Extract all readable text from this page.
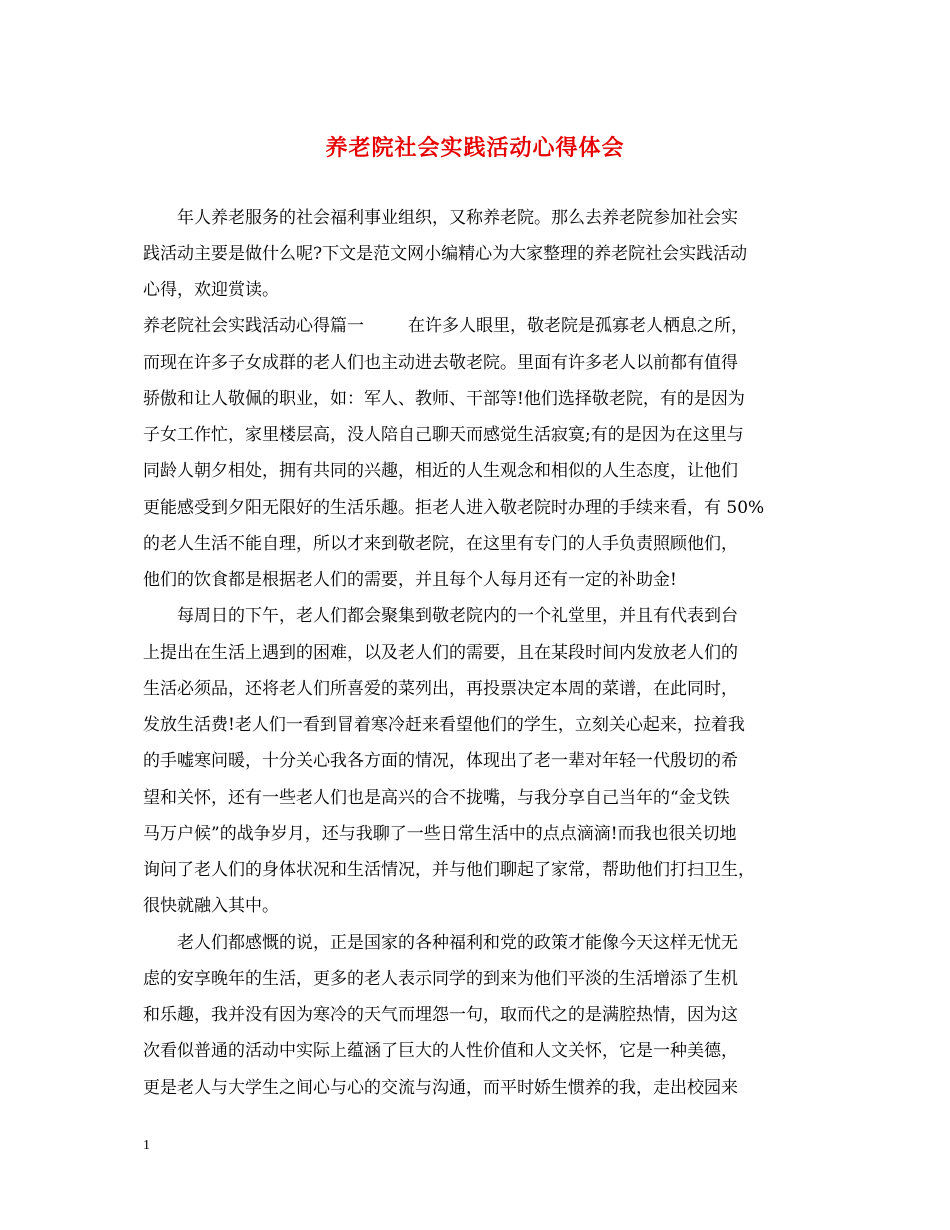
养老院社会实践活动心得体会
年人养老服务的社会福利事业组织，又称养老院。那么去养老院参加社会实
践活动主要是做什么呢?下文是范文网小编精心为大家整理的养老院社会实践活动
心得，欢迎赏读。
养老院社会实践活动心得篇一	在许多人眼里，敬老院是孤寡老人栖息之所，
而现在许多子女成群的老人们也主动进去敬老院。里面有许多老人以前都有值得
骄傲和让人敬佩的职业，如：军人、教师、干部等!他们选择敬老院，有的是因为
子女工作忙，家里楼层高，没人陪自己聊天而感觉生活寂寞;有的是因为在这里与
同龄人朝夕相处，拥有共同的兴趣，相近的人生观念和相似的人生态度，让他们
更能感受到夕阳无限好的生活乐趣。拒老人进入敬老院时办理的手续来看，有 50%
的老人生活不能自理，所以才来到敬老院，在这里有专门的人手负责照顾他们，
他们的饮食都是根据老人们的需要，并且每个人每月还有一定的补助金!
每周日的下午，老人们都会聚集到敬老院内的一个礼堂里，并且有代表到台
上提出在生活上遇到的困难，以及老人们的需要，且在某段时间内发放老人们的
生活必须品，还将老人们所喜爱的菜列出，再投票决定本周的菜谱，在此同时，
发放生活费!老人们一看到冒着寒冷赶来看望他们的学生，立刻关心起来，拉着我
的手嘘寒问暖，十分关心我各方面的情况，体现出了老一辈对年轻一代殷切的希
望和关怀，还有一些老人们也是高兴的合不拢嘴，与我分享自己当年的“金戈铁
马万户候”的战争岁月，还与我聊了一些日常生活中的点点滴滴!而我也很关切地
询问了老人们的身体状况和生活情况，并与他们聊起了家常，帮助他们打扫卫生，
很快就融入其中。
老人们都感慨的说，正是国家的各种福利和党的政策才能像今天这样无忧无
虑的安享晚年的生活，更多的老人表示同学的到来为他们平淡的生活增添了生机
和乐趣，我并没有因为寒冷的天气而埋怨一句，取而代之的是满腔热情，因为这
次看似普通的活动中实际上蕴涵了巨大的人性价值和人文关怀，它是一种美德，
更是老人与大学生之间心与心的交流与沟通，而平时娇生惯养的我，走出校园来
1
